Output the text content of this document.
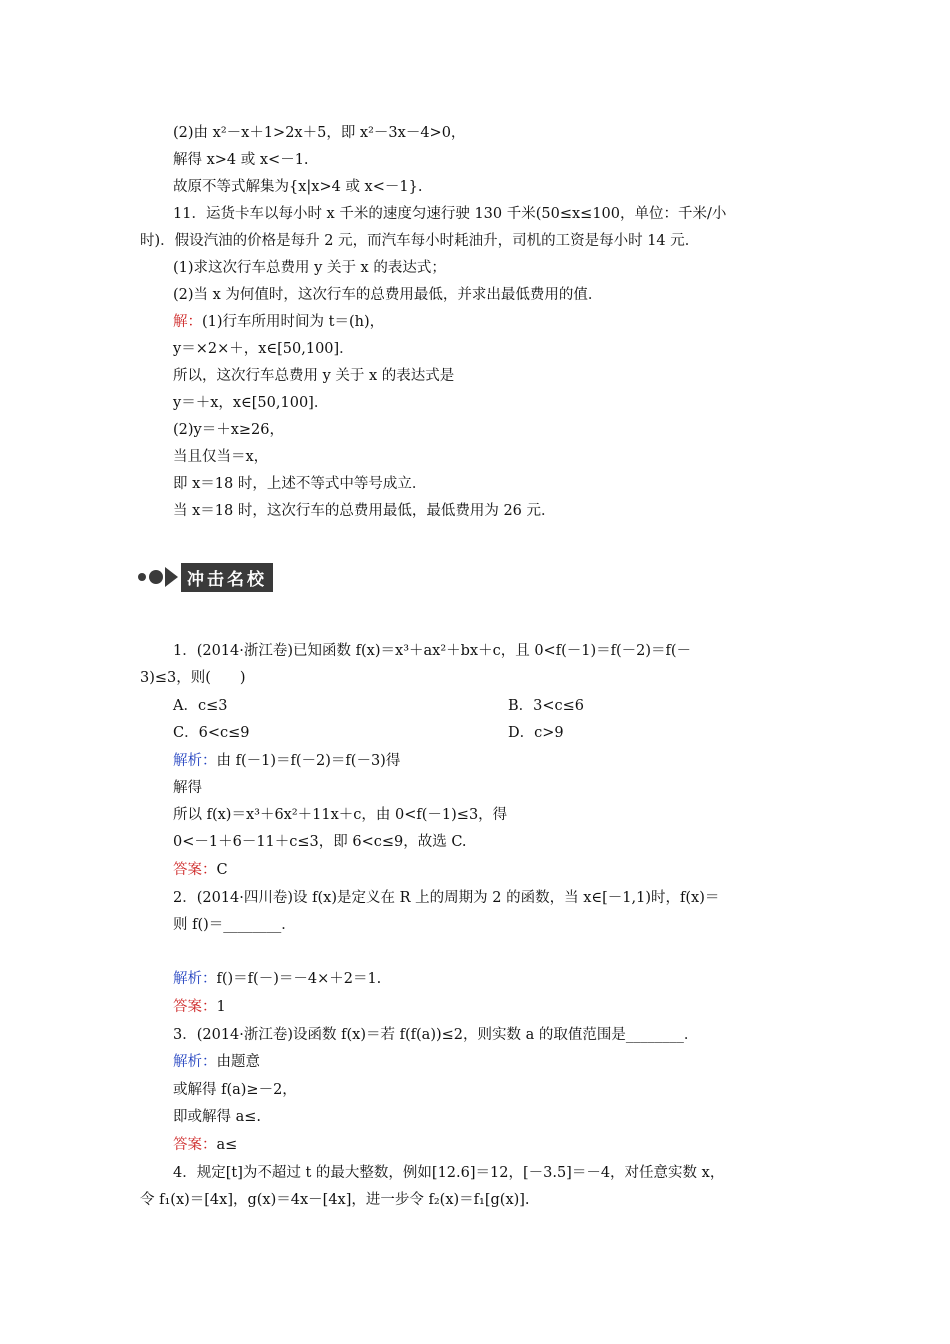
(2)由 x²－x＋1>2x＋5，即 x²－3x－4>0，
解得 x>4 或 x<－1.
故原不等式解集为{x|x>4 或 x<－1}.
11．运货卡车以每小时 x 千米的速度匀速行驶 130 千米(50≤x≤100，单位：千米/小
时)．假设汽油的价格是每升 2 元，而汽车每小时耗油升，司机的工资是每小时 14 元．
(1)求这次行车总费用 y 关于 x 的表达式；
(2)当 x 为何值时，这次行车的总费用最低，并求出最低费用的值．
解：(1)行车所用时间为 t＝(h)，
y＝×2×＋，x∈[50,100]．
所以，这次行车总费用 y 关于 x 的表达式是
y＝＋x，x∈[50,100]．
(2)y＝＋x≥26，
当且仅当＝x，
即 x＝18 时，上述不等式中等号成立．
当 x＝18 时，这次行车的总费用最低，最低费用为 26 元．
冲击名校
1．(2014·浙江卷)已知函数 f(x)＝x³＋ax²＋bx＋c，且 0<f(－1)＝f(－2)＝f(－
3)≤3，则(　　)
A．c≤3	B．3<c≤6
C．6<c≤9	D．c>9
解析：由 f(－1)＝f(－2)＝f(－3)得
解得
所以 f(x)＝x³＋6x²＋11x＋c，由 0<f(－1)≤3，得
0<－1＋6－11＋c≤3，即 6<c≤9，故选 C.
答案：C
2．(2014·四川卷)设 f(x)是定义在 R 上的周期为 2 的函数，当 x∈[－1,1)时，f(x)＝
则 f()＝________．
解析：f()＝f(－)＝－4×＋2＝1.
答案：1
3．(2014·浙江卷)设函数 f(x)＝若 f(f(a))≤2，则实数 a 的取值范围是________．
解析：由题意
或解得 f(a)≥－2，
即或解得 a≤.
答案：a≤
4．规定[t]为不超过 t 的最大整数，例如[12.6]＝12，[－3.5]＝－4，对任意实数 x，
令 f₁(x)＝[4x]，g(x)＝4x－[4x]，进一步令 f₂(x)＝f₁[g(x)].
